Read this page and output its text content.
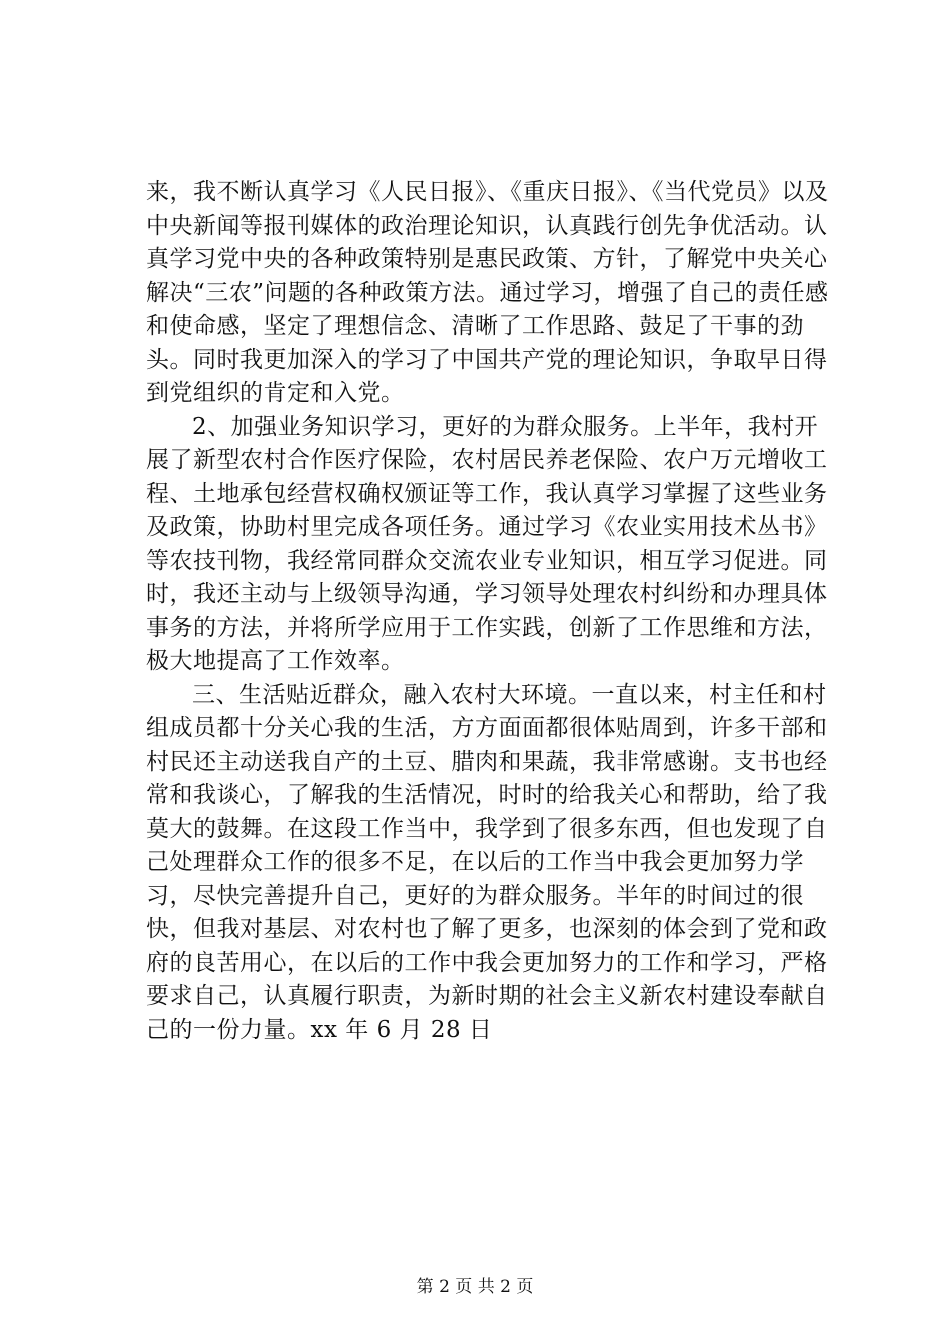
来，我不断认真学习《人民日报》、《重庆日报》、《当代党员》以及中央新闻等报刊媒体的政治理论知识，认真践行创先争优活动。认真学习党中央的各种政策特别是惠民政策、方针，了解党中央关心解决“三农”问题的各种政策方法。通过学习，增强了自己的责任感和使命感，坚定了理想信念、清晰了工作思路、鼓足了干事的劲头。同时我更加深入的学习了中国共产党的理论知识，争取早日得到党组织的肯定和入党。

2、加强业务知识学习，更好的为群众服务。上半年，我村开展了新型农村合作医疗保险，农村居民养老保险、农户万元增收工程、土地承包经营权确权颁证等工作，我认真学习掌握了这些业务及政策，协助村里完成各项任务。通过学习《农业实用技术丛书》等农技刊物，我经常同群众交流农业专业知识，相互学习促进。同时，我还主动与上级领导沟通，学习领导处理农村纠纷和办理具体事务的方法，并将所学应用于工作实践，创新了工作思维和方法，极大地提高了工作效率。

三、生活贴近群众，融入农村大环境。一直以来，村主任和村组成员都十分关心我的生活，方方面面都很体贴周到，许多干部和村民还主动送我自产的土豆、腊肉和果蔬，我非常感谢。支书也经常和我谈心，了解我的生活情况，时时的给我关心和帮助，给了我莫大的鼓舞。在这段工作当中，我学到了很多东西，但也发现了自己处理群众工作的很多不足，在以后的工作当中我会更加努力学习，尽快完善提升自己，更好的为群众服务。半年的时间过的很快，但我对基层、对农村也了解了更多，也深刻的体会到了党和政府的良苦用心，在以后的工作中我会更加努力的工作和学习，严格要求自己，认真履行职责，为新时期的社会主义新农村建设奉献自己的一份力量。xx 年 6 月 28 日

第 2 页 共 2 页
